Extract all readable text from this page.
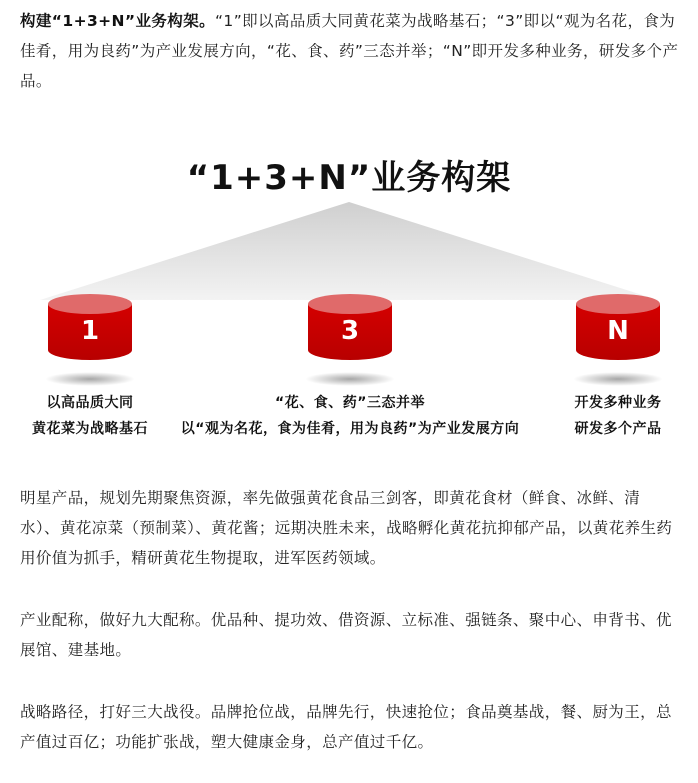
构建“1+3+N”业务构架。“1”即以高品质大同黄花菜为战略基石；“3”即以“观为名花，食为佳肴，用为良药”为产业发展方向，“花、食、药”三态并举；“N”即开发多种业务，研发多个产品。

“1+3+N”业务构架
1
以高品质大同
黄花菜为战略基石
3
“花、食、药”三态并举
以“观为名花，食为佳肴，用为良药”为产业发展方向
N
开发多种业务
研发多个产品

明星产品，规划先期聚焦资源，率先做强黄花食品三剑客，即黄花食材（鲜食、冰鲜、清水）、黄花凉菜（预制菜）、黄花酱；远期决胜未来，战略孵化黄花抗抑郁产品，以黄花养生药用价值为抓手，精研黄花生物提取，进军医药领域。

产业配称，做好九大配称。优品种、提功效、借资源、立标准、强链条、聚中心、申背书、优展馆、建基地。

战略路径，打好三大战役。品牌抢位战，品牌先行，快速抢位；食品奠基战，餐、厨为王，总产值过百亿；功能扩张战，塑大健康金身，总产值过千亿。
